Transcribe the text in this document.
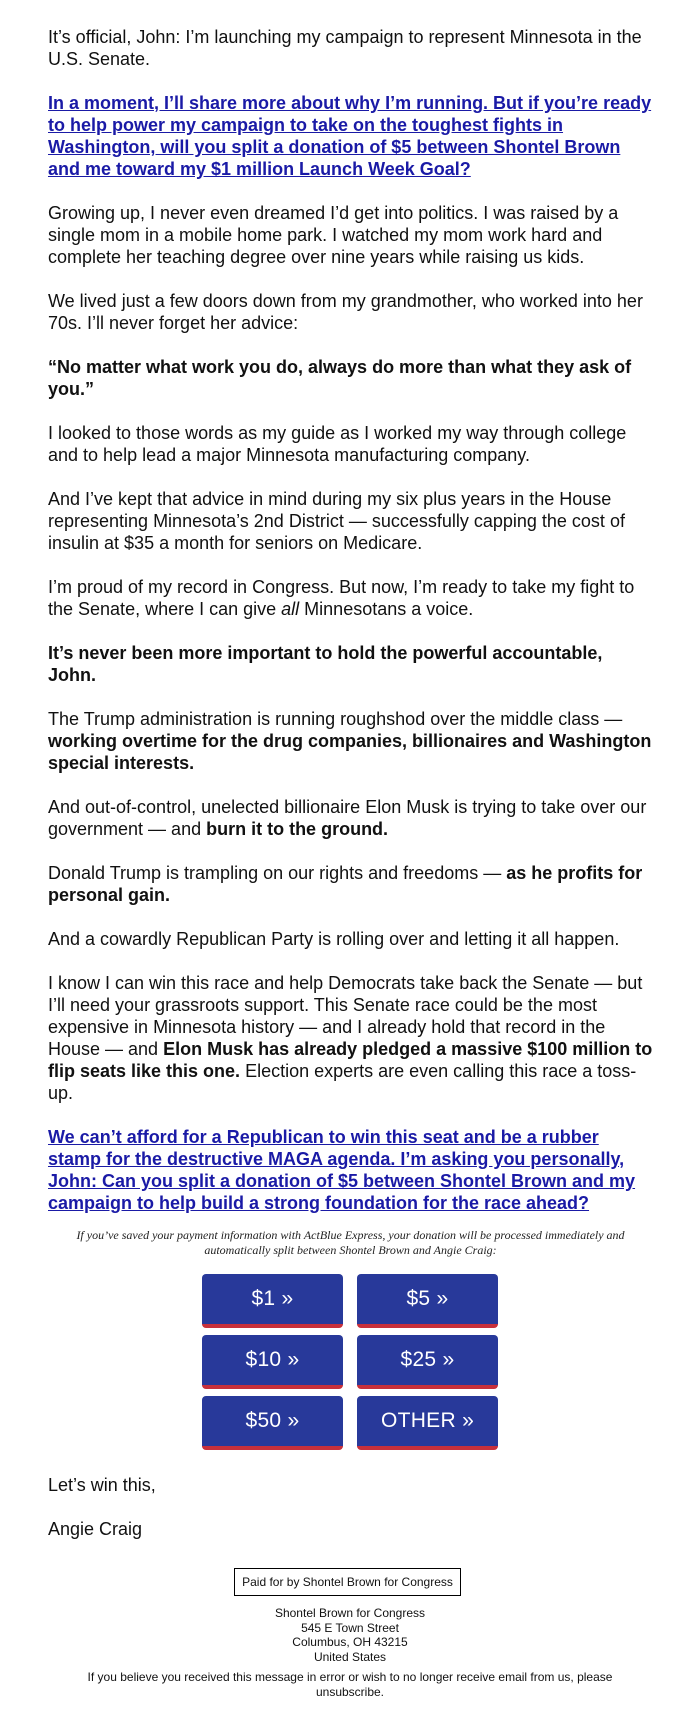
It’s official, John: I’m launching my campaign to represent Minnesota in the U.S. Senate.

In a moment, I’ll share more about why I’m running. But if you’re ready to help power my campaign to take on the toughest fights in Washington, will you split a donation of $5 between Shontel Brown and me toward my $1 million Launch Week Goal?

Growing up, I never even dreamed I’d get into politics. I was raised by a single mom in a mobile home park. I watched my mom work hard and complete her teaching degree over nine years while raising us kids.

We lived just a few doors down from my grandmother, who worked into her 70s. I’ll never forget her advice:

“No matter what work you do, always do more than what they ask of you.”

I looked to those words as my guide as I worked my way through college and to help lead a major Minnesota manufacturing company.

And I’ve kept that advice in mind during my six plus years in the House representing Minnesota’s 2nd District — successfully capping the cost of insulin at $35 a month for seniors on Medicare.

I’m proud of my record in Congress. But now, I’m ready to take my fight to the Senate, where I can give all Minnesotans a voice.

It’s never been more important to hold the powerful accountable, John.

The Trump administration is running roughshod over the middle class — working overtime for the drug companies, billionaires and Washington special interests.

And out-of-control, unelected billionaire Elon Musk is trying to take over our government — and burn it to the ground.

Donald Trump is trampling on our rights and freedoms — as he profits for personal gain.

And a cowardly Republican Party is rolling over and letting it all happen.

I know I can win this race and help Democrats take back the Senate — but I’ll need your grassroots support. This Senate race could be the most expensive in Minnesota history — and I already hold that record in the House — and Elon Musk has already pledged a massive $100 million to flip seats like this one. Election experts are even calling this race a toss-up.

We can’t afford for a Republican to win this seat and be a rubber stamp for the destructive MAGA agenda. I’m asking you personally, John: Can you split a donation of $5 between Shontel Brown and my campaign to help build a strong foundation for the race ahead?

If you’ve saved your payment information with ActBlue Express, your donation will be processed immediately and automatically split between Shontel Brown and Angie Craig:
$1 »	$5 »
$10 »	$25 »
$50 »	OTHER »

Let’s win this,

Angie Craig

Paid for by Shontel Brown for Congress
Shontel Brown for Congress
545 E Town Street
Columbus, OH 43215
United States
If you believe you received this message in error or wish to no longer receive email from us, please unsubscribe.
